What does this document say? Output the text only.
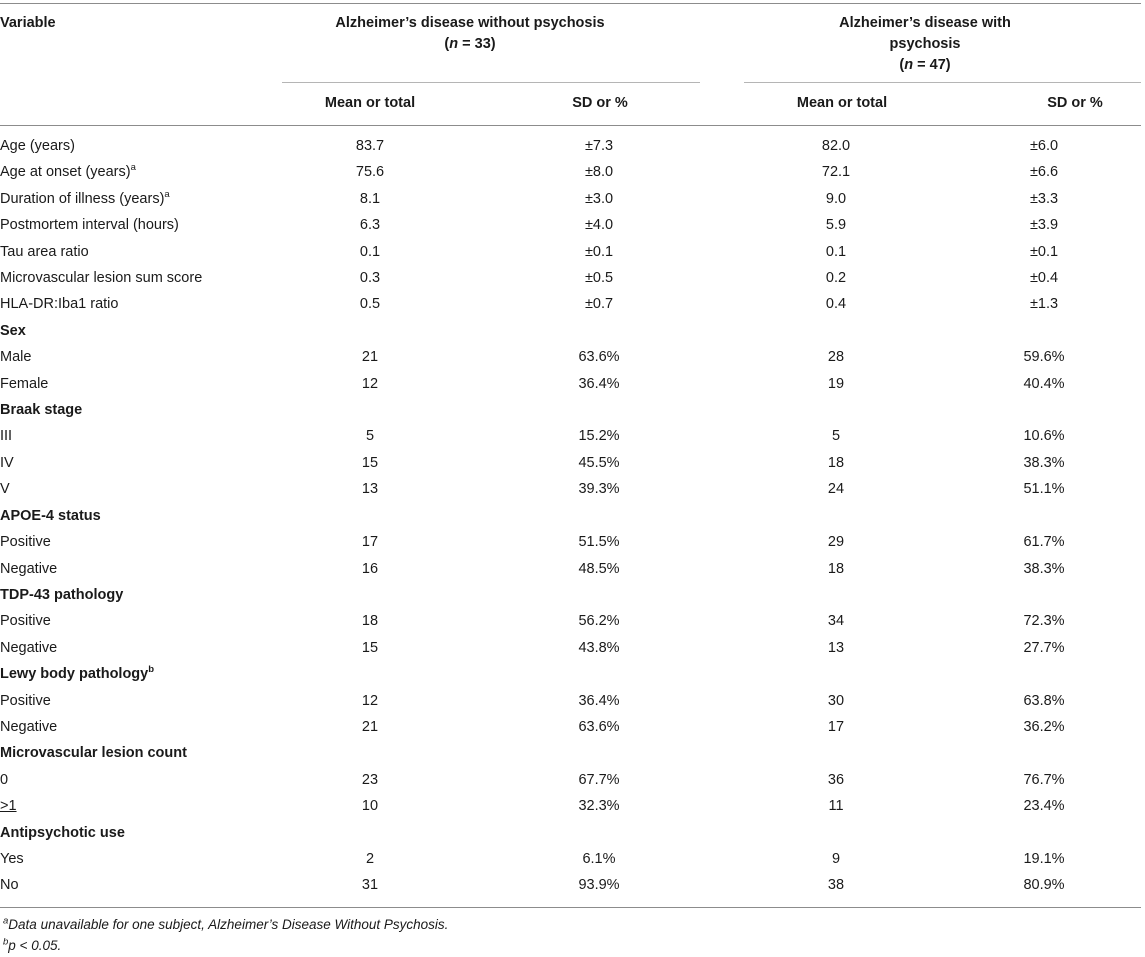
Variable	Alzheimer’s disease without psychosis
(n = 33)
Alzheimer’s disease with
psychosis
(n = 47)
Mean or total	SD or %	Mean or total	SD or %
Age (years)	83.7	±7.3	82.0	±6.0
Age at onset (years)$^a$	75.6	±8.0	72.1	±6.6
Duration of illness (years)$^a$	8.1	±3.0	9.0	±3.3
Postmortem interval (hours)	6.3	±4.0	5.9	±3.9
Tau area ratio	0.1	±0.1	0.1	±0.1
Microvascular lesion sum score	0.3	±0.5	0.2	±0.4
HLA-DR:Iba1 ratio	0.5	±0.7	0.4	±1.3
Sex				
Male	21	63.6%	28	59.6%
Female	12	36.4%	19	40.4%
Braak stage				
III	5	15.2%	5	10.6%
IV	15	45.5%	18	38.3%
V	13	39.3%	24	51.1%
APOE-4 status				
Positive	17	51.5%	29	61.7%
Negative	16	48.5%	18	38.3%
TDP-43 pathology				
Positive	18	56.2%	34	72.3%
Negative	15	43.8%	13	27.7%
Lewy body pathology$^b$				
Positive	12	36.4%	30	63.8%
Negative	21	63.6%	17	36.2%
Microvascular lesion count				
0	23	67.7%	36	76.7%
>1	10	32.3%	11	23.4%
Antipsychotic use				
Yes	2	6.1%	9	19.1%
No	31	93.9%	38	80.9%
$^a$Data unavailable for one subject, Alzheimer’s Disease Without Psychosis.
$^b$p < 0.05.
